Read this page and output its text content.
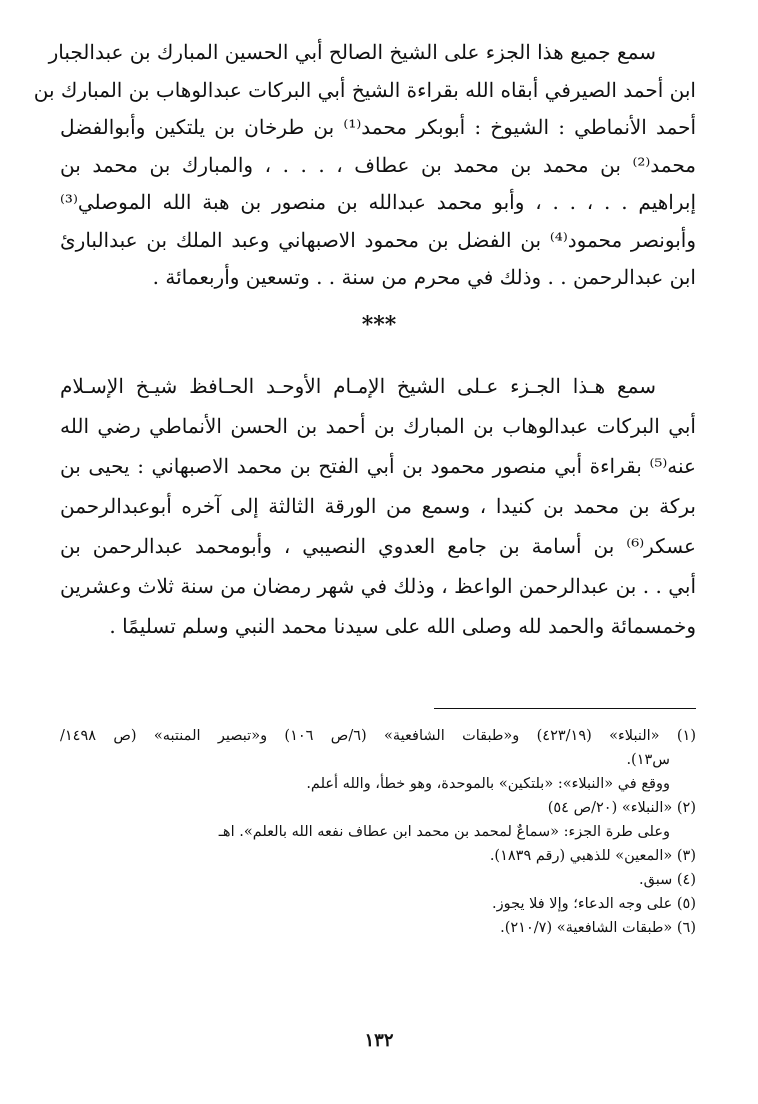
سمع جميع هذا الجزء على الشيخ الصالح أبي الحسين المبارك بن عبدالجبار
ابن أحمد الصيرفي أبقاه الله بقراءة الشيخ أبي البركات عبدالوهاب بن المبارك بن
أحمد الأنماطي : الشيوخ : أبوبكر محمد⁽¹⁾ بن طرخان بن يلتكين وأبوالفضل
محمد⁽²⁾ بن محمد بن محمد بن عطاف ، . . . ، والمبارك بن محمد بن
إبراهيم . . ، . . ، وأبو محمد عبدالله بن منصور بن هبة الله الموصلي⁽³⁾
وأبونصر محمود⁽⁴⁾ بن الفضل بن محمود الاصبهاني وعبد الملك بن عبدالبارئ
ابن عبدالرحمن . . وذلك في محرم من سنة . . وتسعين وأربعمائة .
***
سمع هـذا الجـزء عـلى الشيخ الإمـام الأوحـد الحـافظ شيـخ الإسـلام
أبي البركات عبدالوهاب بن المبارك بن أحمد بن الحسن الأنماطي رضي الله
عنه⁽⁵⁾ بقراءة أبي منصور محمود بن أبي الفتح بن محمد الاصبهاني : يحيى بن
بركة بن محمد بن كنيدا ، وسمع من الورقة الثالثة إلى آخره أبوعبدالرحمن
عسكر⁽⁶⁾ بن أسامة بن جامع العدوي النصيبي ، وأبومحمد عبدالرحمن بن
أبي . . بن عبدالرحمن الواعظ ، وذلك في شهر رمضان من سنة ثلاث وعشرين
وخمسمائة والحمد لله وصلى الله على سيدنا محمد النبي وسلم تسليمًا .
(١) «النبلاء» (٤٢٣/١٩) و«طبقات الشافعية» (٦/ص ١٠٦) و«تبصير المنتبه» (ص ١٤٩٨/
س١٣).
ووقع في «النبلاء»: «بلتكين» بالموحدة، وهو خطأ، والله أعلم.
(٢) «النبلاء» (٢٠/ص ٥٤)
وعلى طرة الجزء: «سماعٌ لمحمد بن محمد ابن عطاف نفعه الله بالعلم». اهـ
(٣) «المعين» للذهبي (رقم ١٨٣٩).
(٤) سبق.
(٥) على وجه الدعاء؛ وإلا فلا يجوز.
(٦) «طبقات الشافعية» (٢١٠/٧).
١٣٢
